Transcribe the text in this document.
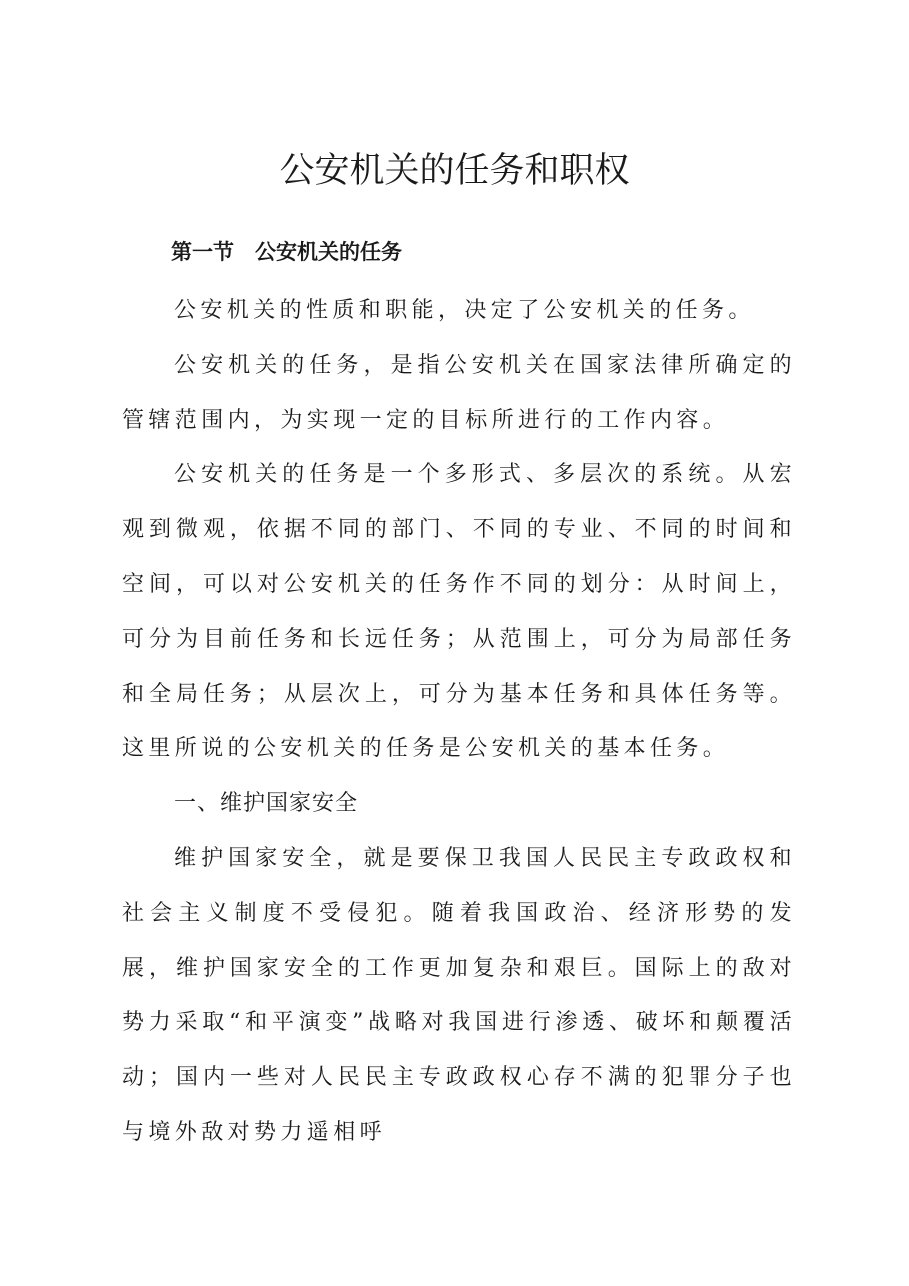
公安机关的任务和职权
第一节　公安机关的任务

公安机关的性质和职能，决定了公安机关的任务。

公安机关的任务，是指公安机关在国家法律所确定的管辖范围内，为实现一定的目标所进行的工作内容。

公安机关的任务是一个多形式、多层次的系统。从宏观到微观，依据不同的部门、不同的专业、不同的时间和空间，可以对公安机关的任务作不同的划分：从时间上，可分为目前任务和长远任务；从范围上，可分为局部任务和全局任务；从层次上，可分为基本任务和具体任务等。这里所说的公安机关的任务是公安机关的基本任务。

一、维护国家安全

维护国家安全，就是要保卫我国人民民主专政政权和社会主义制度不受侵犯。随着我国政治、经济形势的发展，维护国家安全的工作更加复杂和艰巨。国际上的敌对势力采取“和平演变”战略对我国进行渗透、破坏和颠覆活动；国内一些对人民民主专政政权心存不满的犯罪分子也与境外敌对势力遥相呼
